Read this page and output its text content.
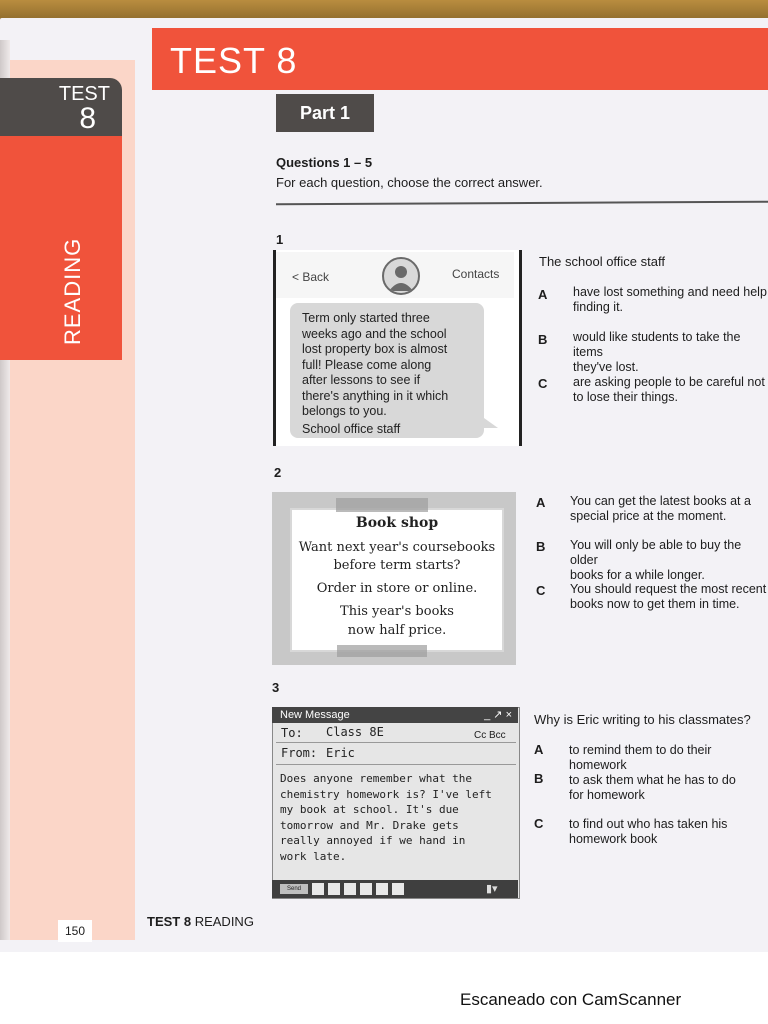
TEST
8
READING
TEST 8
Part 1
Questions 1 – 5
For each question, choose the correct answer.
1
< Back	Contacts
Term only started three
weeks ago and the school
lost property box is almost
full! Please come along
after lessons to see if
there's anything in it which
belongs to you.
School office staff
The school office staff
A have lost something and need help
finding it.
B would like students to take the items
they've lost.
C are asking people to be careful not
to lose their things.
2
Book shop
Want next year's coursebooks
before term starts?
Order in store or online.
This year's books
now half price.
A You can get the latest books at a
special price at the moment.
B You will only be able to buy the older
books for a while longer.
C You should request the most recent
books now to get them in time.
3
New Message	_ ↗ ×
To: Class 8E	Cc Bcc
From: Eric
Does anyone remember what the
chemistry homework is? I've left
my book at school. It's due
tomorrow and Mr. Drake gets
really annoyed if we hand in
work late.
Send	▮▾
Why is Eric writing to his classmates?
A to remind them to do their homework
B to ask them what he has to do
for homework
C to find out who has taken his
homework book
150
TEST 8 READING
Escaneado con CamScanner
